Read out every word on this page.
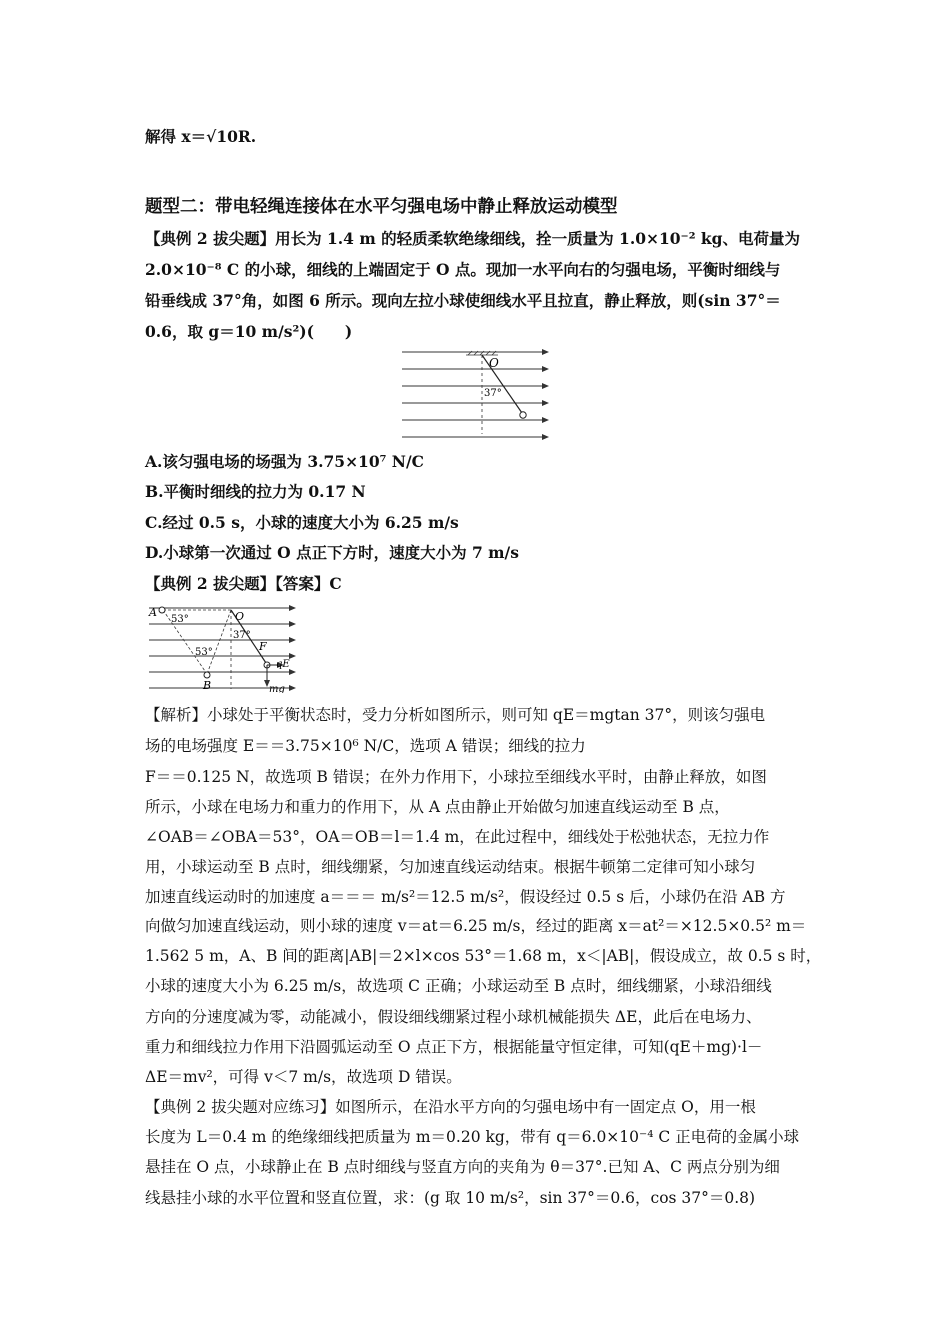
解得 x＝√10R.
题型二：带电轻绳连接体在水平匀强电场中静止释放运动模型
【典例 2 拔尖题】用长为 1.4 m 的轻质柔软绝缘细线，拴一质量为 1.0×10⁻² kg、电荷量为
2.0×10⁻⁸ C 的小球，细线的上端固定于 O 点。现加一水平向右的匀强电场，平衡时细线与
铅垂线成 37°角，如图 6 所示。现向左拉小球使细线水平且拉直，静止释放，则(sin 37°＝
0.6，取 g＝10 m/s²)(　　)
O
37°
A.该匀强电场的场强为 3.75×10⁷ N/C
B.平衡时细线的拉力为 0.17 N
C.经过 0.5 s，小球的速度大小为 6.25 m/s
D.小球第一次通过 O 点正下方时，速度大小为 7 m/s
【典例 2 拔尖题】【答案】C
A	O
B
F
qE
mg
53°
53°
37°
【解析】小球处于平衡状态时，受力分析如图所示，则可知 qE＝mgtan 37°，则该匀强电
场的电场强度 E＝＝3.75×10⁶ N/C，选项 A 错误；细线的拉力
F＝＝0.125 N，故选项 B 错误；在外力作用下，小球拉至细线水平时，由静止释放，如图
所示，小球在电场力和重力的作用下，从 A 点由静止开始做匀加速直线运动至 B 点，
∠OAB＝∠OBA＝53°，OA＝OB＝l＝1.4 m，在此过程中，细线处于松弛状态，无拉力作
用，小球运动至 B 点时，细线绷紧，匀加速直线运动结束。根据牛顿第二定律可知小球匀
加速直线运动时的加速度 a＝＝＝ m/s²＝12.5 m/s²，假设经过 0.5 s 后，小球仍在沿 AB 方
向做匀加速直线运动，则小球的速度 v＝at＝6.25 m/s，经过的距离 x＝at²＝×12.5×0.5² m＝
1.562 5 m，A、B 间的距离|AB|＝2×l×cos 53°＝1.68 m，x＜|AB|，假设成立，故 0.5 s 时，
小球的速度大小为 6.25 m/s，故选项 C 正确；小球运动至 B 点时，细线绷紧，小球沿细线
方向的分速度减为零，动能减小，假设细线绷紧过程小球机械能损失 ΔE，此后在电场力、
重力和细线拉力作用下沿圆弧运动至 O 点正下方，根据能量守恒定律，可知(qE＋mg)·l－
ΔE＝mv²，可得 v＜7 m/s，故选项 D 错误。
【典例 2 拔尖题对应练习】如图所示，在沿水平方向的匀强电场中有一固定点 O，用一根
长度为 L＝0.4 m 的绝缘细线把质量为 m＝0.20 kg，带有 q＝6.0×10⁻⁴ C 正电荷的金属小球
悬挂在 O 点，小球静止在 B 点时细线与竖直方向的夹角为 θ＝37°.已知 A、C 两点分别为细
线悬挂小球的水平位置和竖直位置，求：(g 取 10 m/s²，sin 37°＝0.6，cos 37°＝0.8)
